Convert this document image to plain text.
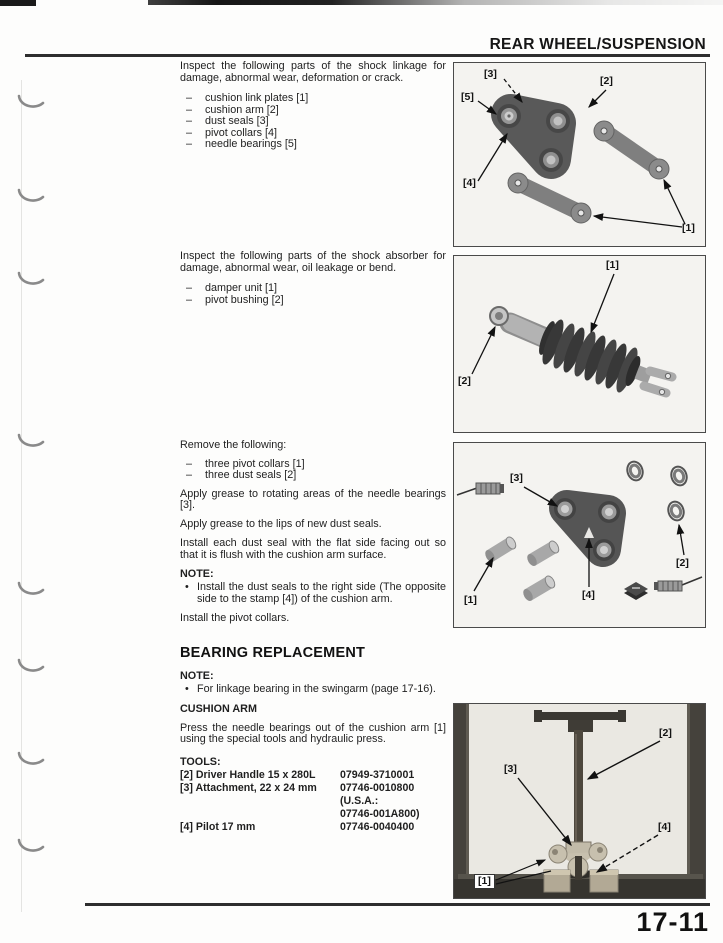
REAR WHEEL/SUSPENSION

Inspect the following parts of the shock linkage for damage, abnormal wear, deformation or crack.

– cushion link plates [1]
– cushion arm [2]
– dust seals [3]
– pivot collars [4]
– needle bearings [5]

Inspect the following parts of the shock absorber for damage, abnormal wear, oil leakage or bend.

– damper unit [1]
– pivot bushing [2]

Remove the following:

– three pivot collars [1]
– three dust seals [2]

Apply grease to rotating areas of the needle bearings [3].

Apply grease to the lips of new dust seals.

Install each dust seal with the flat side facing out so that it is flush with the cushion arm surface.

NOTE:

• Install the dust seals to the right side (The opposite side to the stamp [4]) of the cushion arm.

Install the pivot collars.

BEARING REPLACEMENT

NOTE:

• For linkage bearing in the swingarm (page 17-16).

CUSHION ARM

Press the needle bearings out of the cushion arm [1] using the special tools and hydraulic press.

TOOLS:

[2] Driver Handle 15 x 280L	07949-3710001
[3] Attachment, 22 x 24 mm	07746-0010800
(U.S.A.:
07746-001A800)
[4] Pilot 17 mm	07746-0040400
[3]
[5]
[2]
[4]
[1]
[1]
[2]
[3]
[2]
[1]	[4]
[2]
[3]
[4]
[1]
17-11
